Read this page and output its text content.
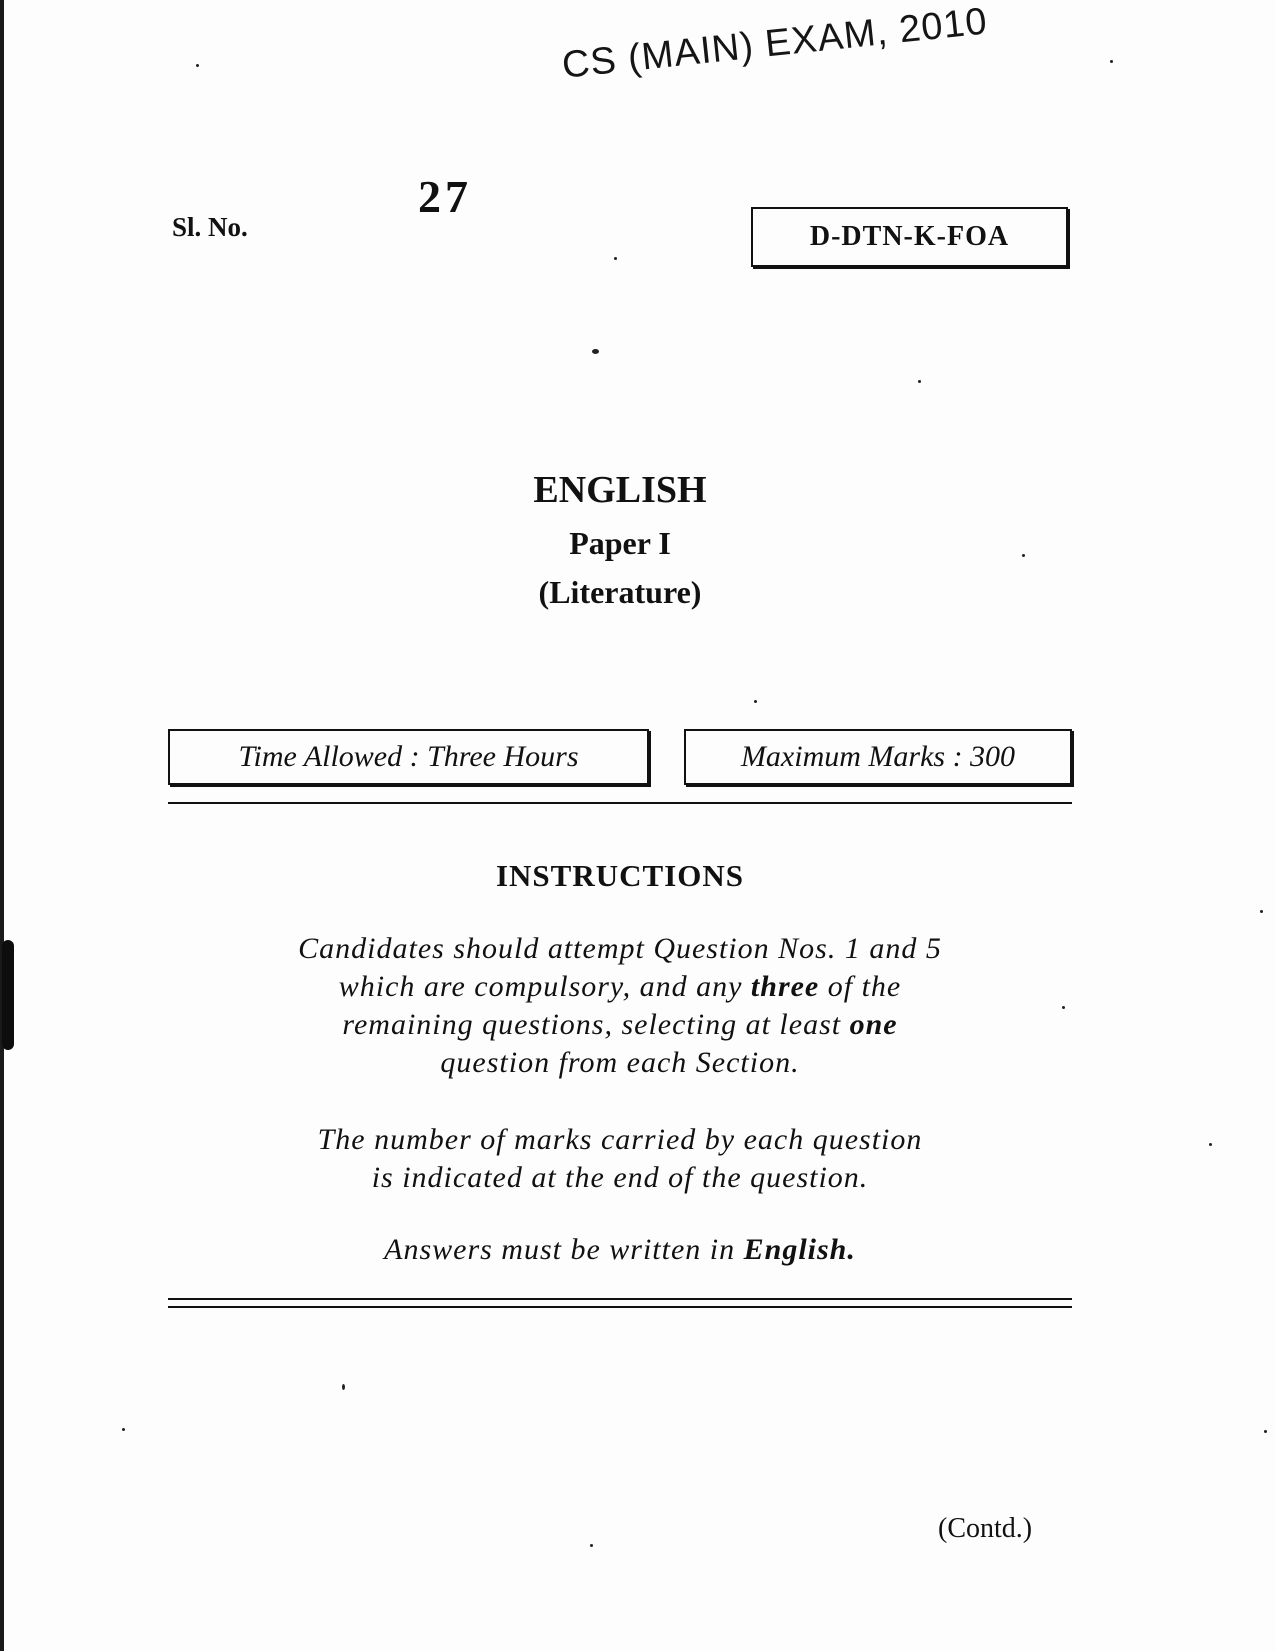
CS (MAIN) EXAM, 2010
Sl. No.
27
D-DTN-K-FOA
ENGLISH
Paper I
(Literature)
Time Allowed : Three Hours	Maximum Marks : 300
INSTRUCTIONS
Candidates should attempt Question Nos. 1 and 5
which are compulsory, and any three of the
remaining questions, selecting at least one
question from each Section.
The number of marks carried by each question
is indicated at the end of the question.
Answers must be written in English.
(Contd.)
